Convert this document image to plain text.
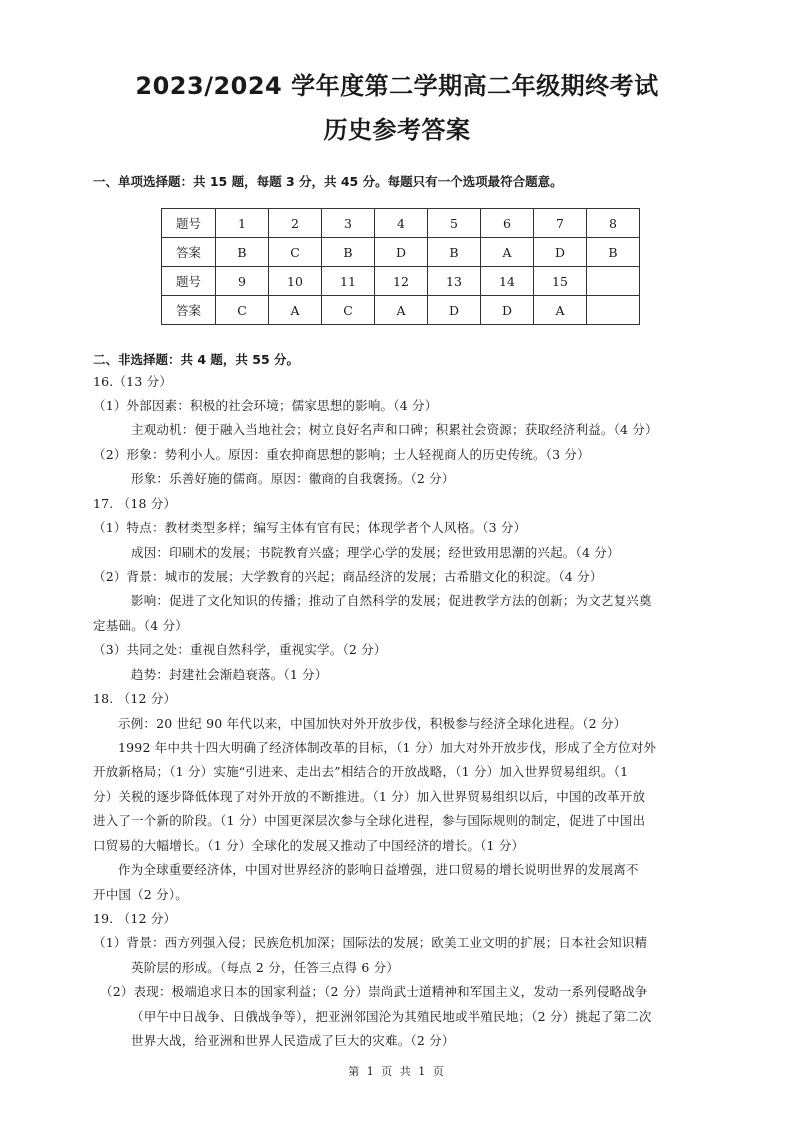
2023/2024 学年度第二学期高二年级期终考试
历史参考答案
一、单项选择题：共 15 题，每题 3 分，共 45 分。每题只有一个选项最符合题意。
题号	1	2	3	4	5	6	7	8
答案	B	C	B	D	B	A	D	B
题号	9	10	11	12	13	14	15	
答案	C	A	C	A	D	D	A	
二、非选择题：共 4 题，共 55 分。
16.（13 分）
（1）外部因素：积极的社会环境；儒家思想的影响。（4 分）
主观动机：便于融入当地社会；树立良好名声和口碑；积累社会资源；获取经济利益。（4 分）
（2）形象：势利小人。原因：重农抑商思想的影响；士人轻视商人的历史传统。（3 分）
形象：乐善好施的儒商。原因：徽商的自我褒扬。（2 分）
17. （18 分）
（1）特点：教材类型多样；编写主体有官有民；体现学者个人风格。（3 分）
成因：印刷术的发展；书院教育兴盛；理学心学的发展；经世致用思潮的兴起。（4 分）
（2）背景：城市的发展；大学教育的兴起；商品经济的发展；古希腊文化的积淀。（4 分）
影响：促进了文化知识的传播；推动了自然科学的发展；促进教学方法的创新；为文艺复兴奠
定基础。（4 分）
（3）共同之处：重视自然科学，重视实学。（2 分）
趋势：封建社会渐趋衰落。（1 分）
18. （12 分）
示例：20 世纪 90 年代以来，中国加快对外开放步伐，积极参与经济全球化进程。（2 分）
1992 年中共十四大明确了经济体制改革的目标，（1 分）加大对外开放步伐，形成了全方位对外
开放新格局；（1 分）实施“引进来、走出去”相结合的开放战略，（1 分）加入世界贸易组织。（1
分）关税的逐步降低体现了对外开放的不断推进。（1 分）加入世界贸易组织以后，中国的改革开放
进入了一个新的阶段。（1 分）中国更深层次参与全球化进程，参与国际规则的制定，促进了中国出
口贸易的大幅增长。（1 分）全球化的发展又推动了中国经济的增长。（1 分）
作为全球重要经济体，中国对世界经济的影响日益增强，进口贸易的增长说明世界的发展离不
开中国（2 分）。
19. （12 分）
（1）背景：西方列强入侵；民族危机加深；国际法的发展；欧美工业文明的扩展；日本社会知识精
英阶层的形成。（每点 2 分，任答三点得 6 分）
（2）表现：极端追求日本的国家利益；（2 分）崇尚武士道精神和军国主义，发动一系列侵略战争
（甲午中日战争、日俄战争等），把亚洲邻国沦为其殖民地或半殖民地；（2 分）挑起了第二次
世界大战，给亚洲和世界人民造成了巨大的灾难。（2 分）
第 1 页 共 1 页
